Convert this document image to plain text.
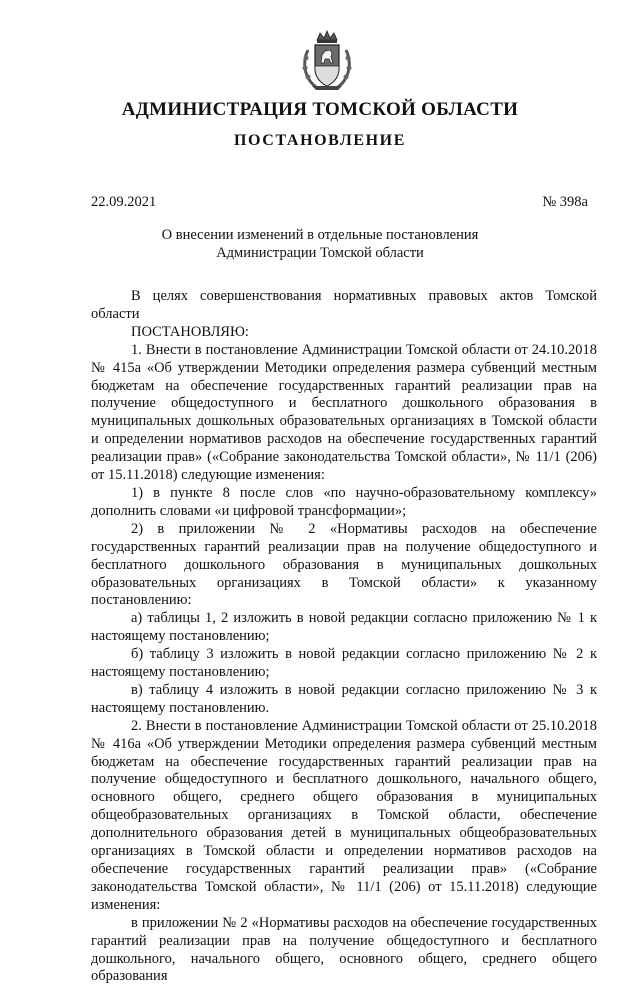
АДМИНИСТРАЦИЯ ТОМСКОЙ ОБЛАСТИ
ПОСТАНОВЛЕНИЕ
22.09.2021	№ 398а
О внесении изменений в отдельные постановления
Администрации Томской области

В целях совершенствования нормативных правовых актов Томской области

ПОСТАНОВЛЯЮ:

1. Внести в постановление Администрации Томской области от 24.10.2018 № 415а «Об утверждении Методики определения размера субвенций местным бюджетам на обеспечение государственных гарантий реализации прав на получение общедоступного и бесплатного дошкольного образования в муниципальных дошкольных образовательных организациях в Томской области и определении нормативов расходов на обеспечение государственных гарантий реализации прав» («Собрание законодательства Томской области», № 11/1 (206) от 15.11.2018) следующие изменения:

1) в пункте 8 после слов «по научно-образовательному комплексу» дополнить словами «и цифровой трансформации»;

2) в приложении № 2 «Нормативы расходов на обеспечение государственных гарантий реализации прав на получение общедоступного и бесплатного дошкольного образования в муниципальных дошкольных образовательных организациях в Томской области» к указанному постановлению:

а) таблицы 1, 2 изложить в новой редакции согласно приложению № 1 к настоящему постановлению;

б) таблицу 3 изложить в новой редакции согласно приложению № 2 к настоящему постановлению;

в) таблицу 4 изложить в новой редакции согласно приложению № 3 к настоящему постановлению.

2. Внести в постановление Администрации Томской области от 25.10.2018 № 416а «Об утверждении Методики определения размера субвенций местным бюджетам на обеспечение государственных гарантий реализации прав на получение общедоступного и бесплатного дошкольного, начального общего, основного общего, среднего общего образования в муниципальных общеобразовательных организациях в Томской области, обеспечение дополнительного образования детей в муниципальных общеобразовательных организациях в Томской области и определении нормативов расходов на обеспечение государственных гарантий реализации прав» («Собрание законодательства Томской области», № 11/1 (206) от 15.11.2018) следующие изменения:

в приложении № 2 «Нормативы расходов на обеспечение государственных гарантий реализации прав на получение общедоступного и бесплатного дошкольного, начального общего, основного общего, среднего общего образования
